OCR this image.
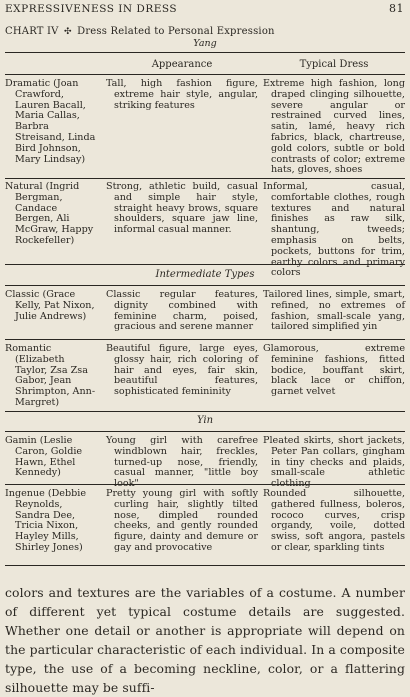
EXPRESSIVENESS IN DRESS	81
CHART IV ✣ Dress Related to Personal Expression
Yang
Appearance	Typical Dress
Dramatic (Joan Crawford, Lauren Bacall, Maria Callas, Barbra Streisand, Linda Bird Johnson, Mary Lindsay)
Tall, high fashion figure, extreme hair style, angular, striking features
Extreme high fashion, long draped clinging silhouette, severe angular or restrained curved lines, satin, lamé, heavy rich fabrics, black, chartreuse, gold colors, subtle or bold contrasts of color; extreme hats, gloves, shoes
Natural (Ingrid Bergman, Candace Bergen, Ali McGraw, Happy Rockefeller)
Strong, athletic build, casual and simple hair style, straight heavy brows, square shoulders, square jaw line, informal casual manner.
Informal, casual, comfortable clothes, rough textures and natural finishes as raw silk, shantung, tweeds; emphasis on belts, pockets, buttons for trim, earthy colors and primary colors
Intermediate Types
Classic (Grace Kelly, Pat Nixon, Julie Andrews)
Classic regular features, dignity combined with feminine charm, poised, gracious and serene manner
Tailored lines, simple, smart, refined, no extremes of fashion, small-scale yang, tailored simplified yin
Romantic (Elizabeth Taylor, Zsa Zsa Gabor, Jean Shrimpton, Ann-Margret)
Beautiful figure, large eyes, glossy hair, rich coloring of hair and eyes, fair skin, beautiful features, sophisticated femininity
Glamorous, extreme feminine fashions, fitted bodice, bouffant skirt, black lace or chiffon, garnet velvet
Yin
Gamin (Leslie Caron, Goldie Hawn, Ethel Kennedy)
Young girl with carefree windblown hair, freckles, turned-up nose, friendly, casual manner, "little boy look"
Pleated skirts, short jackets, Peter Pan collars, gingham in tiny checks and plaids, small-scale athletic clothing
Ingenue (Debbie Reynolds, Sandra Dee, Tricia Nixon, Hayley Mills, Shirley Jones)
Pretty young girl with softly curling hair, slightly tilted nose, dimpled rounded cheeks, and gently rounded figure, dainty and demure or gay and provocative
Rounded silhouette, gathered fullness, boleros, rococo curves, crisp organdy, voile, dotted swiss, soft angora, pastels or clear, sparkling tints

colors and textures are the variables of a costume. A number of different yet typical costume details are suggested. Whether one detail or another is appropriate will depend on the particular characteristic of each individual. In a composite type, the use of a becoming neckline, color, or a flattering silhouette may be suffi-
